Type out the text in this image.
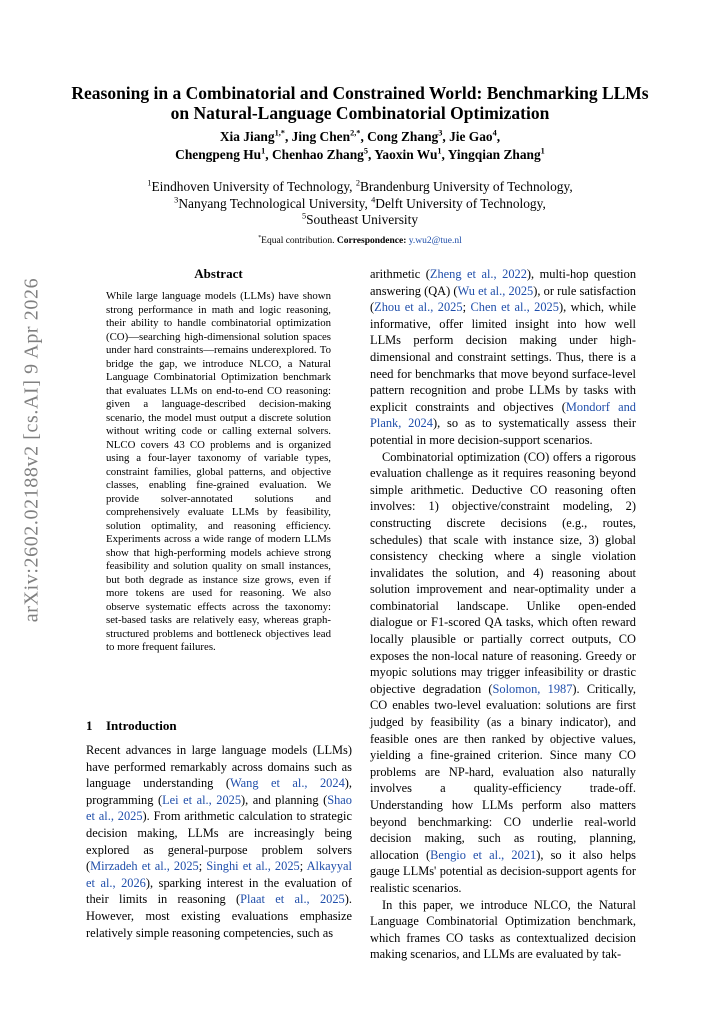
arXiv:2602.02188v2 [cs.AI] 9 Apr 2026
Reasoning in a Combinatorial and Constrained World: Benchmarking LLMs on Natural-Language Combinatorial Optimization
Xia Jiang$^{1,*}$, Jing Chen$^{2,*}$, Cong Zhang$^3$, Jie Gao$^4$,
Chengpeng Hu$^1$, Chenhao Zhang$^5$, Yaoxin Wu$^1$, Yingqian Zhang$^1$
$^1$Eindhoven University of Technology, $^2$Brandenburg University of Technology,
$^3$Nanyang Technological University, $^4$Delft University of Technology,
$^5$Southeast University
*Equal contribution. Correspondence: y.wu2@tue.nl
Abstract
While large language models (LLMs) have shown strong performance in math and logic reasoning, their ability to handle combinatorial optimization (CO)—searching high-dimensional solution spaces under hard constraints—remains underexplored. To bridge the gap, we introduce NLCO, a Natural Language Combinatorial Optimization benchmark that evaluates LLMs on end-to-end CO reasoning: given a language-described decision-making scenario, the model must output a discrete solution without writing code or calling external solvers. NLCO covers 43 CO problems and is organized using a four-layer taxonomy of variable types, constraint families, global patterns, and objective classes, enabling fine-grained evaluation. We provide solver-annotated solutions and comprehensively evaluate LLMs by feasibility, solution optimality, and reasoning efficiency. Experiments across a wide range of modern LLMs show that high-performing models achieve strong feasibility and solution quality on small instances, but both degrade as instance size grows, even if more tokens are used for reasoning. We also observe systematic effects across the taxonomy: set-based tasks are relatively easy, whereas graph-structured problems and bottleneck objectives lead to more frequent failures.
1 Introduction
Recent advances in large language models (LLMs) have performed remarkably across domains such as language understanding (Wang et al., 2024), programming (Lei et al., 2025), and planning (Shao et al., 2025). From arithmetic calculation to strategic decision making, LLMs are increasingly being explored as general-purpose problem solvers (Mirzadeh et al., 2025; Singhi et al., 2025; Alkayyal et al., 2026), sparking interest in the evaluation of their limits in reasoning (Plaat et al., 2025). However, most existing evaluations emphasize relatively simple reasoning competencies, such as

arithmetic (Zheng et al., 2022), multi-hop question answering (QA) (Wu et al., 2025), or rule satisfaction (Zhou et al., 2025; Chen et al., 2025), which, while informative, offer limited insight into how well LLMs perform decision making under high-dimensional and constraint settings. Thus, there is a need for benchmarks that move beyond surface-level pattern recognition and probe LLMs by tasks with explicit constraints and objectives (Mondorf and Plank, 2024), so as to systematically assess their potential in more decision-support scenarios.

Combinatorial optimization (CO) offers a rigorous evaluation challenge as it requires reasoning beyond simple arithmetic. Deductive CO reasoning often involves: 1) objective/constraint modeling, 2) constructing discrete decisions (e.g., routes, schedules) that scale with instance size, 3) global consistency checking where a single violation invalidates the solution, and 4) reasoning about solution improvement and near-optimality under a combinatorial landscape. Unlike open-ended dialogue or F1-scored QA tasks, which often reward locally plausible or partially correct outputs, CO exposes the non-local nature of reasoning. Greedy or myopic solutions may trigger infeasibility or drastic objective degradation (Solomon, 1987). Critically, CO enables two-level evaluation: solutions are first judged by feasibility (as a binary indicator), and feasible ones are then ranked by objective values, yielding a fine-grained criterion. Since many CO problems are NP-hard, evaluation also naturally involves a quality-efficiency trade-off. Understanding how LLMs perform also matters beyond benchmarking: CO underlie real-world decision making, such as routing, planning, allocation (Bengio et al., 2021), so it also helps gauge LLMs' potential as decision-support agents for realistic scenarios.

In this paper, we introduce NLCO, the Natural Language Combinatorial Optimization benchmark, which frames CO tasks as contextualized decision making scenarios, and LLMs are evaluated by tak-
